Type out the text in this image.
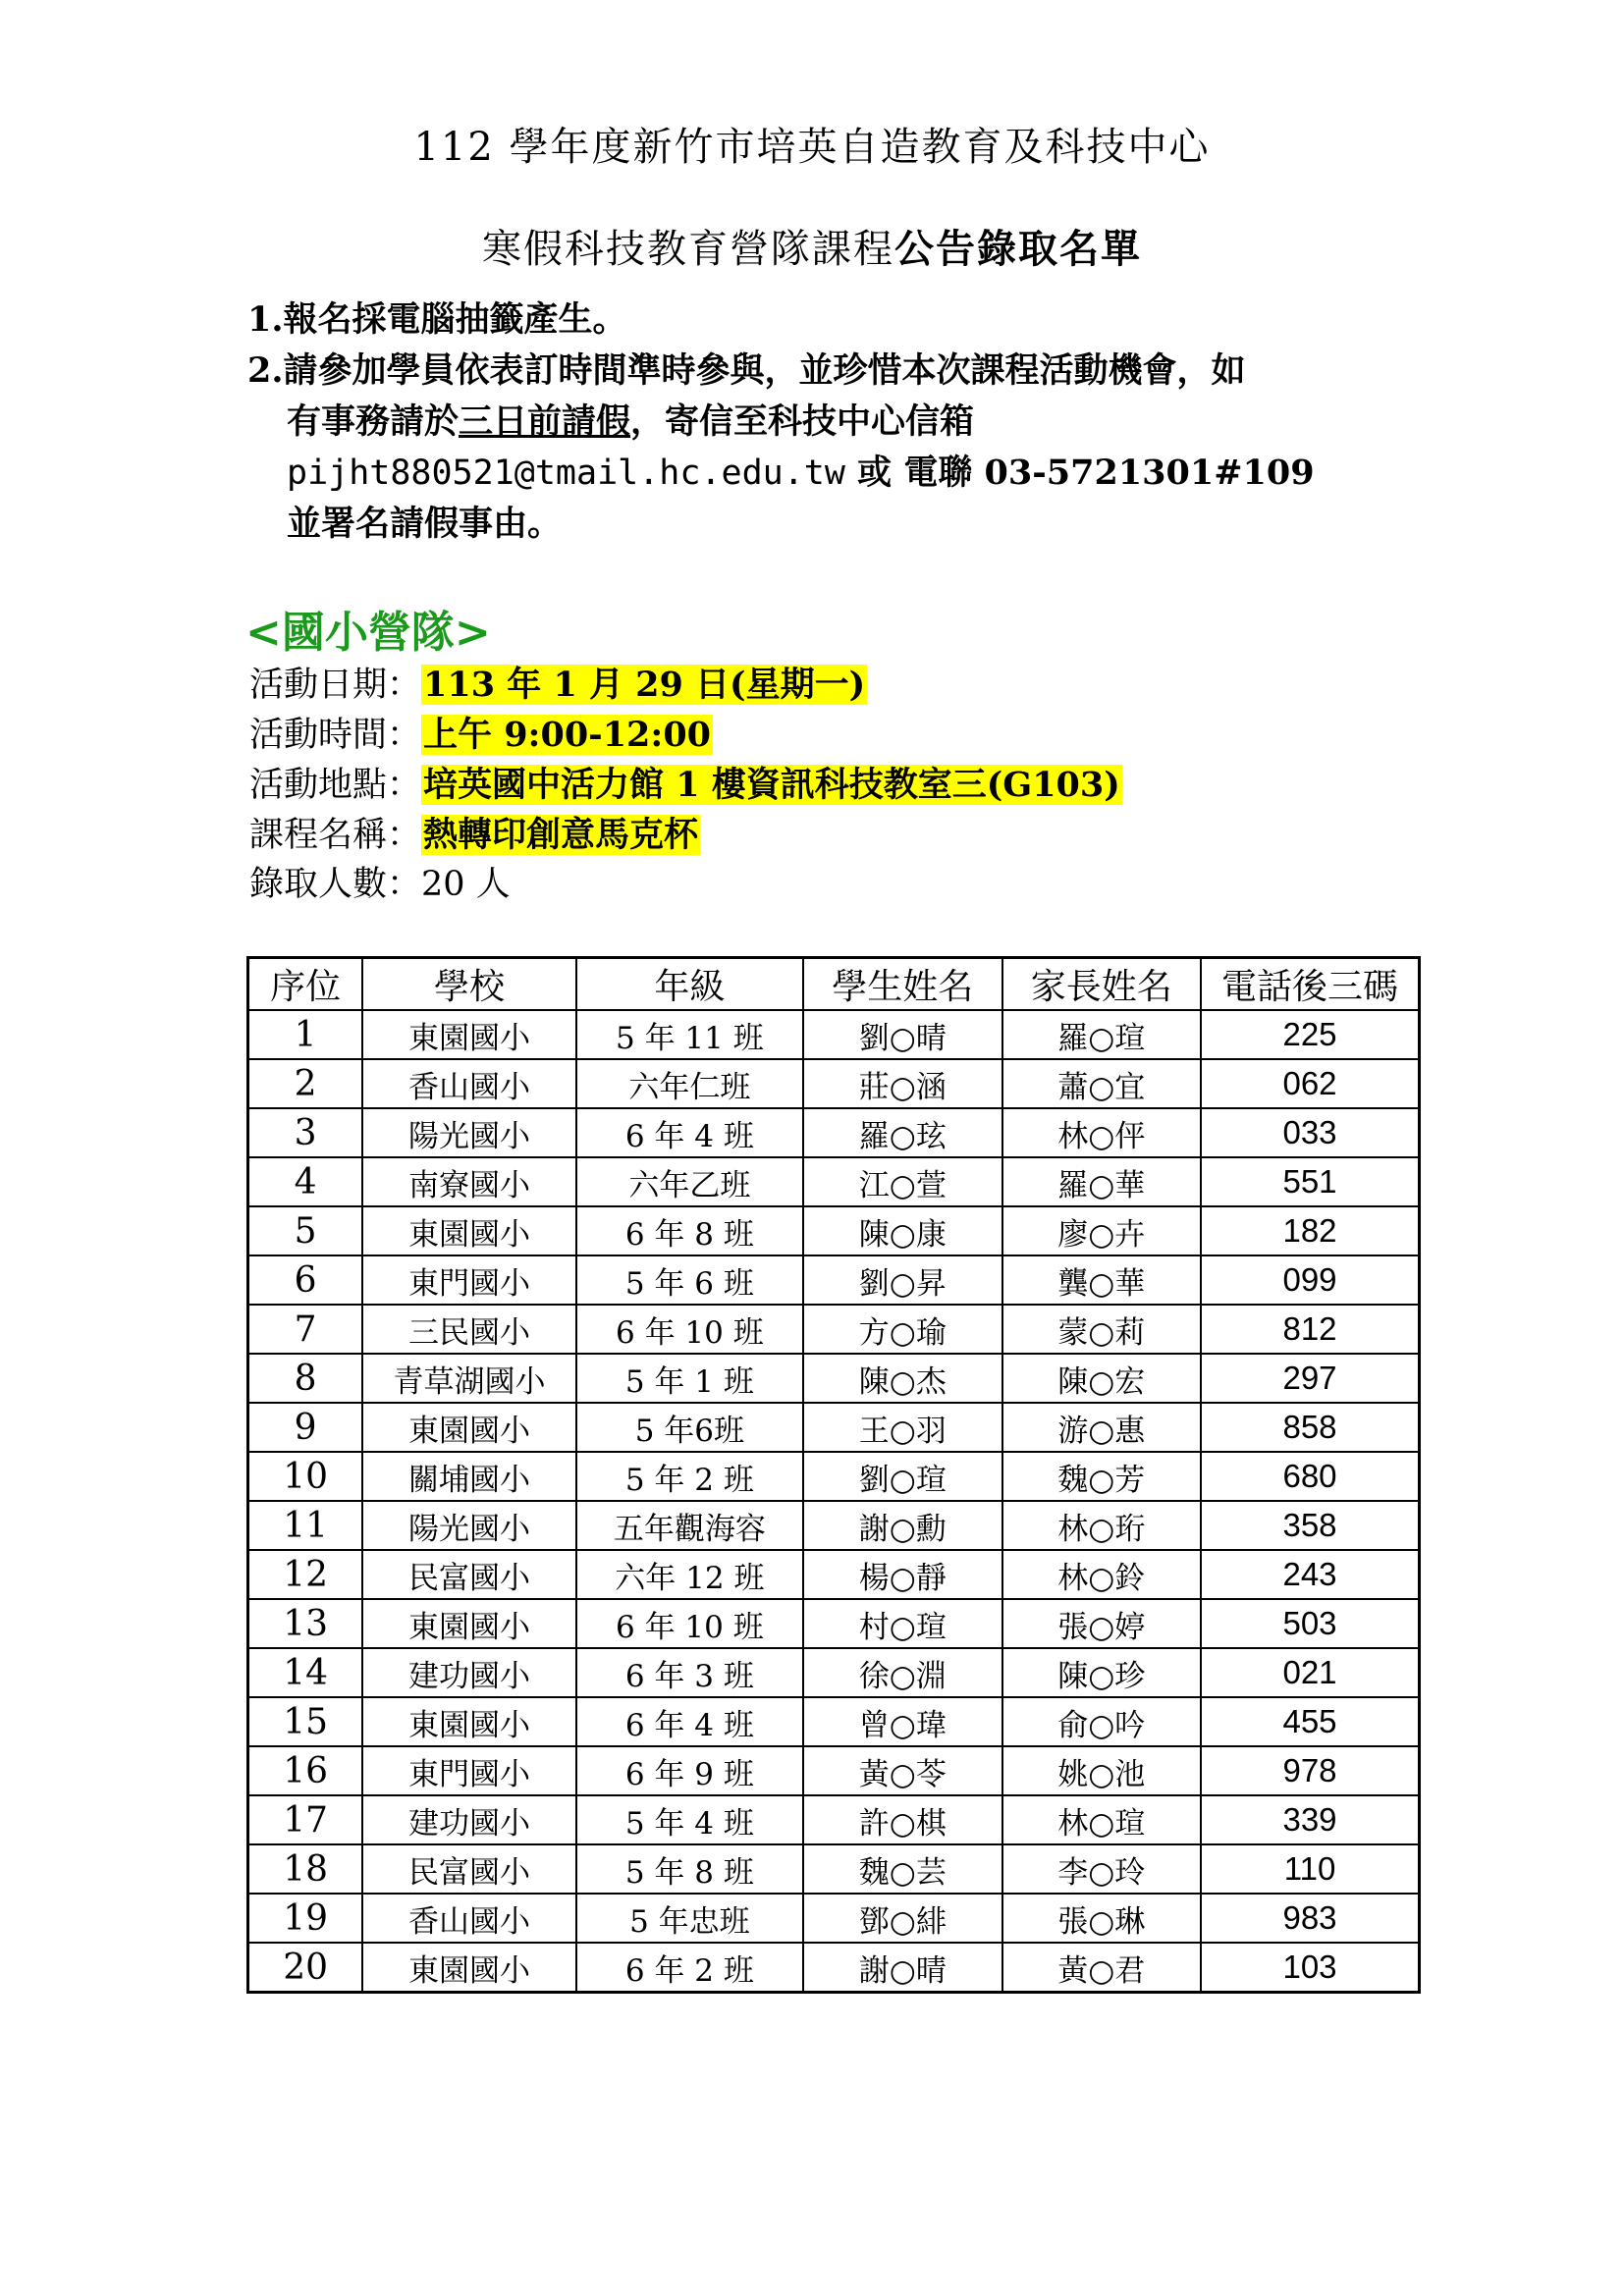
112 學年度新竹市培英自造教育及科技中心
寒假科技教育營隊課程公告錄取名單
1.報名採電腦抽籤產生。
2.請參加學員依表訂時間準時參與，並珍惜本次課程活動機會，如
有事務請於三日前請假，寄信至科技中心信箱
pijht880521@tmail.hc.edu.tw 或 電聯 03-5721301#109
並署名請假事由。
<國小營隊>
活動日期：113 年 1 月 29 日(星期一)
活動時間：上午 9:00-12:00
活動地點：培英國中活力館 1 樓資訊科技教室三(G103)
課程名稱：熱轉印創意馬克杯
錄取人數：20 人
序位	學校	年級	學生姓名	家長姓名	電話後三碼
1	東園國小	5 年 11 班	劉○晴	羅○瑄	225
2	香山國小	六年仁班	莊○涵	蕭○宜	062
3	陽光國小	6 年 4 班	羅○玹	林○伻	033
4	南寮國小	六年乙班	江○萱	羅○華	551
5	東園國小	6 年 8 班	陳○康	廖○卉	182
6	東門國小	5 年 6 班	劉○昇	龔○華	099
7	三民國小	6 年 10 班	方○瑜	蒙○莉	812
8	青草湖國小	5 年 1 班	陳○杰	陳○宏	297
9	東園國小	5 年6班	王○羽	游○惠	858
10	關埔國小	5 年 2 班	劉○瑄	魏○芳	680
11	陽光國小	五年觀海容	謝○勳	林○珩	358
12	民富國小	六年 12 班	楊○靜	林○鈴	243
13	東園國小	6 年 10 班	村○瑄	張○婷	503
14	建功國小	6 年 3 班	徐○淵	陳○珍	021
15	東園國小	6 年 4 班	曾○瑋	俞○吟	455
16	東門國小	6 年 9 班	黃○苓	姚○池	978
17	建功國小	5 年 4 班	許○棋	林○瑄	339
18	民富國小	5 年 8 班	魏○芸	李○玲	110
19	香山國小	5 年忠班	鄧○緋	張○琳	983
20	東園國小	6 年 2 班	謝○晴	黃○君	103
